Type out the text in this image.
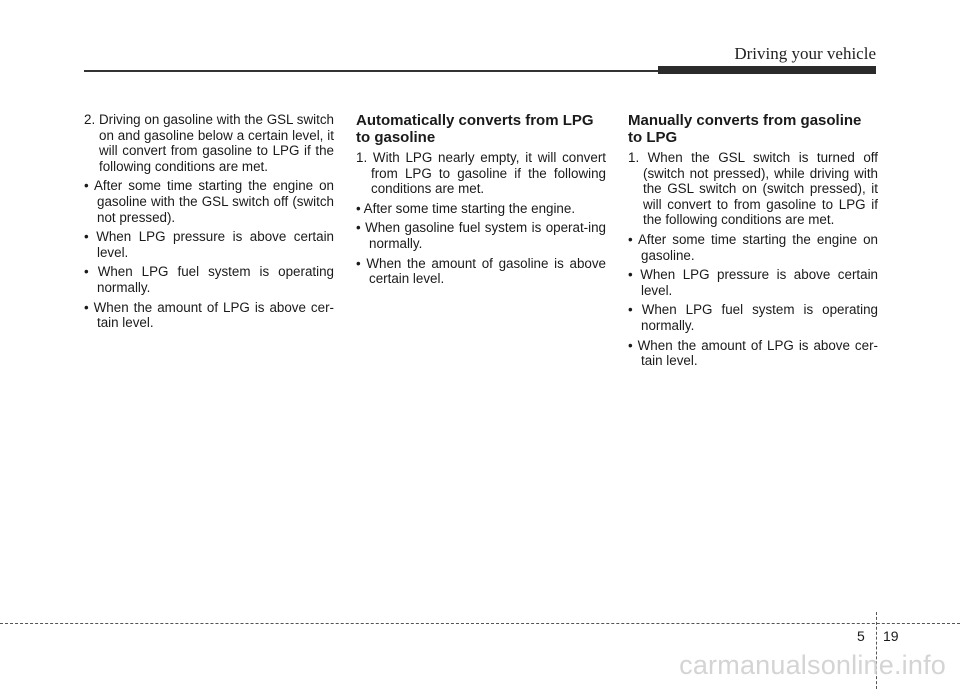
Driving your vehicle

2. Driving on gasoline with the GSL switch on and gasoline below a certain level, it will convert from gasoline to LPG if the following conditions are met.

• After some time starting the engine on gasoline with the GSL switch off (switch not pressed).

• When LPG pressure is above certain level.

• When LPG fuel system is operating normally.

• When the amount of LPG is above cer-tain level.

Automatically converts from LPG to gasoline

1. With LPG nearly empty, it will convert from LPG to gasoline if the following conditions are met.

• After some time starting the engine.

• When gasoline fuel system is operat-ing normally.

• When the amount of gasoline is above certain level.

Manually converts from gasoline to LPG

1. When the GSL switch is turned off (switch not pressed), while driving with the GSL switch on (switch pressed), it will convert to from gasoline to LPG if the following conditions are met.

• After some time starting the engine on gasoline.

• When LPG pressure is above certain level.

• When LPG fuel system is operating normally.

• When the amount of LPG is above cer-tain level.

5 19
carmanualsonline.info
